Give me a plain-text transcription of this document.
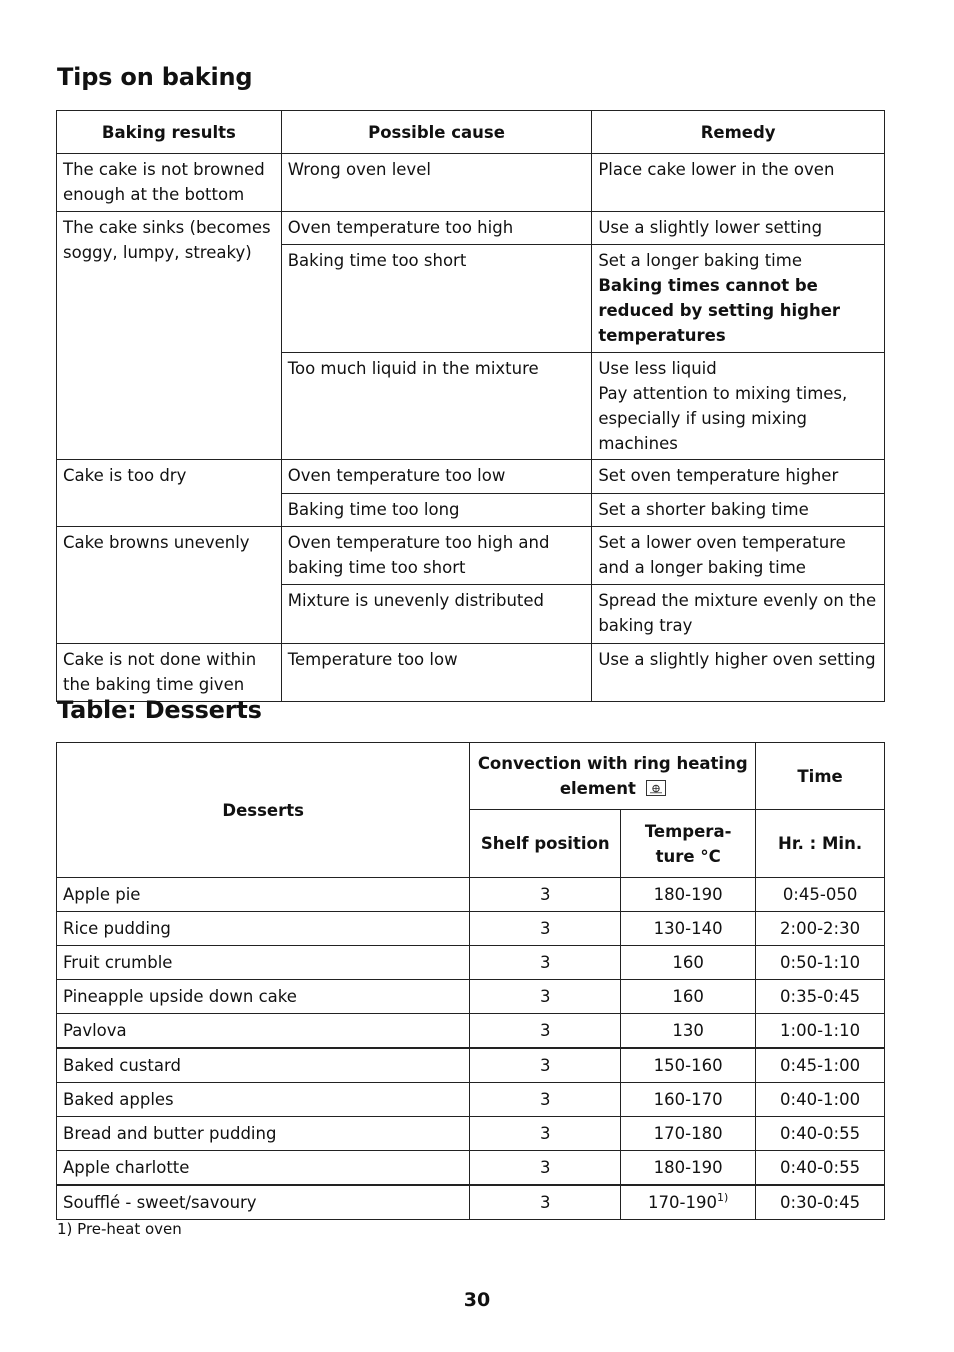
Tips on baking
Baking results	Possible cause	Remedy
The cake is not browned enough at the bottom	Wrong oven level	Place cake lower in the oven
The cake sinks (becomes soggy, lumpy, streaky)	Oven temperature too high	Use a slightly lower setting
	Baking time too short	Set a longer baking time
Baking times cannot be reduced by setting higher temperatures

	Too much liquid in the mixture	Use less liquid
Pay attention to mixing times, especially if using mixing machines

Cake is too dry	Oven temperature too low	Set oven temperature higher
	Baking time too long	Set a shorter baking time
Cake browns unevenly	Oven temperature too high and baking time too short	Set a lower oven temperature and a longer baking time
	Mixture is unevenly distributed	Spread the mixture evenly on the baking tray
Cake is not done within the baking time given	Temperature too low	Use a slightly higher oven setting
Table: Desserts
Desserts	Convection with ring heating element		Time
	Shelf position	Tempera-ture °C	Hr. : Min.
Apple pie	3	180-190	0:45-050
Rice pudding	3	130-140	2:00-2:30
Fruit crumble	3	160	0:50-1:10
Pineapple upside down cake	3	160	0:35-0:45
Pavlova	3	130	1:00-1:10
Baked custard	3	150-160	0:45-1:00
Baked apples	3	160-170	0:40-1:00
Bread and butter pudding	3	170-180	0:40-0:55
Apple charlotte	3	180-190	0:40-0:55
Soufflé - sweet/savoury	3	170-190$^{1)}$	0:30-0:45
1) Pre-heat oven
30
